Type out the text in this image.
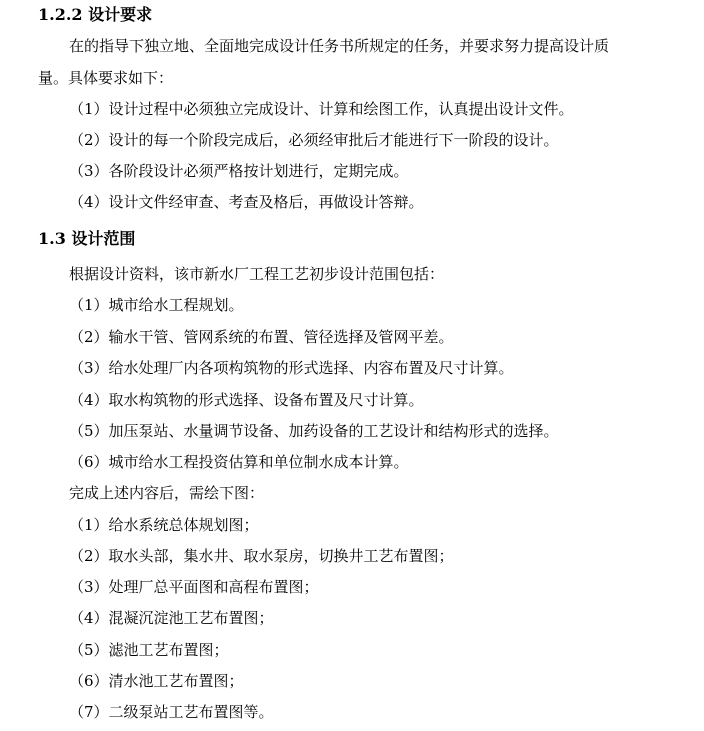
1.2.2 设计要求
在的指导下独立地、全面地完成设计任务书所规定的任务，并要求努力提高设计质
量。具体要求如下：
（1）设计过程中必须独立完成设计、计算和绘图工作，认真提出设计文件。
（2）设计的每一个阶段完成后，必须经审批后才能进行下一阶段的设计。
（3）各阶段设计必须严格按计划进行，定期完成。
（4）设计文件经审查、考查及格后，再做设计答辩。
1.3 设计范围
根据设计资料，该市新水厂工程工艺初步设计范围包括：
（1）城市给水工程规划。
（2）输水干管、管网系统的布置、管径选择及管网平差。
（3）给水处理厂内各项构筑物的形式选择、内容布置及尺寸计算。
（4）取水构筑物的形式选择、设备布置及尺寸计算。
（5）加压泵站、水量调节设备、加药设备的工艺设计和结构形式的选择。
（6）城市给水工程投资估算和单位制水成本计算。
完成上述内容后，需绘下图：
（1）给水系统总体规划图；
（2）取水头部，集水井、取水泵房，切换井工艺布置图；
（3）处理厂总平面图和高程布置图；
（4）混凝沉淀池工艺布置图；
（5）滤池工艺布置图；
（6）清水池工艺布置图；
（7）二级泵站工艺布置图等。
